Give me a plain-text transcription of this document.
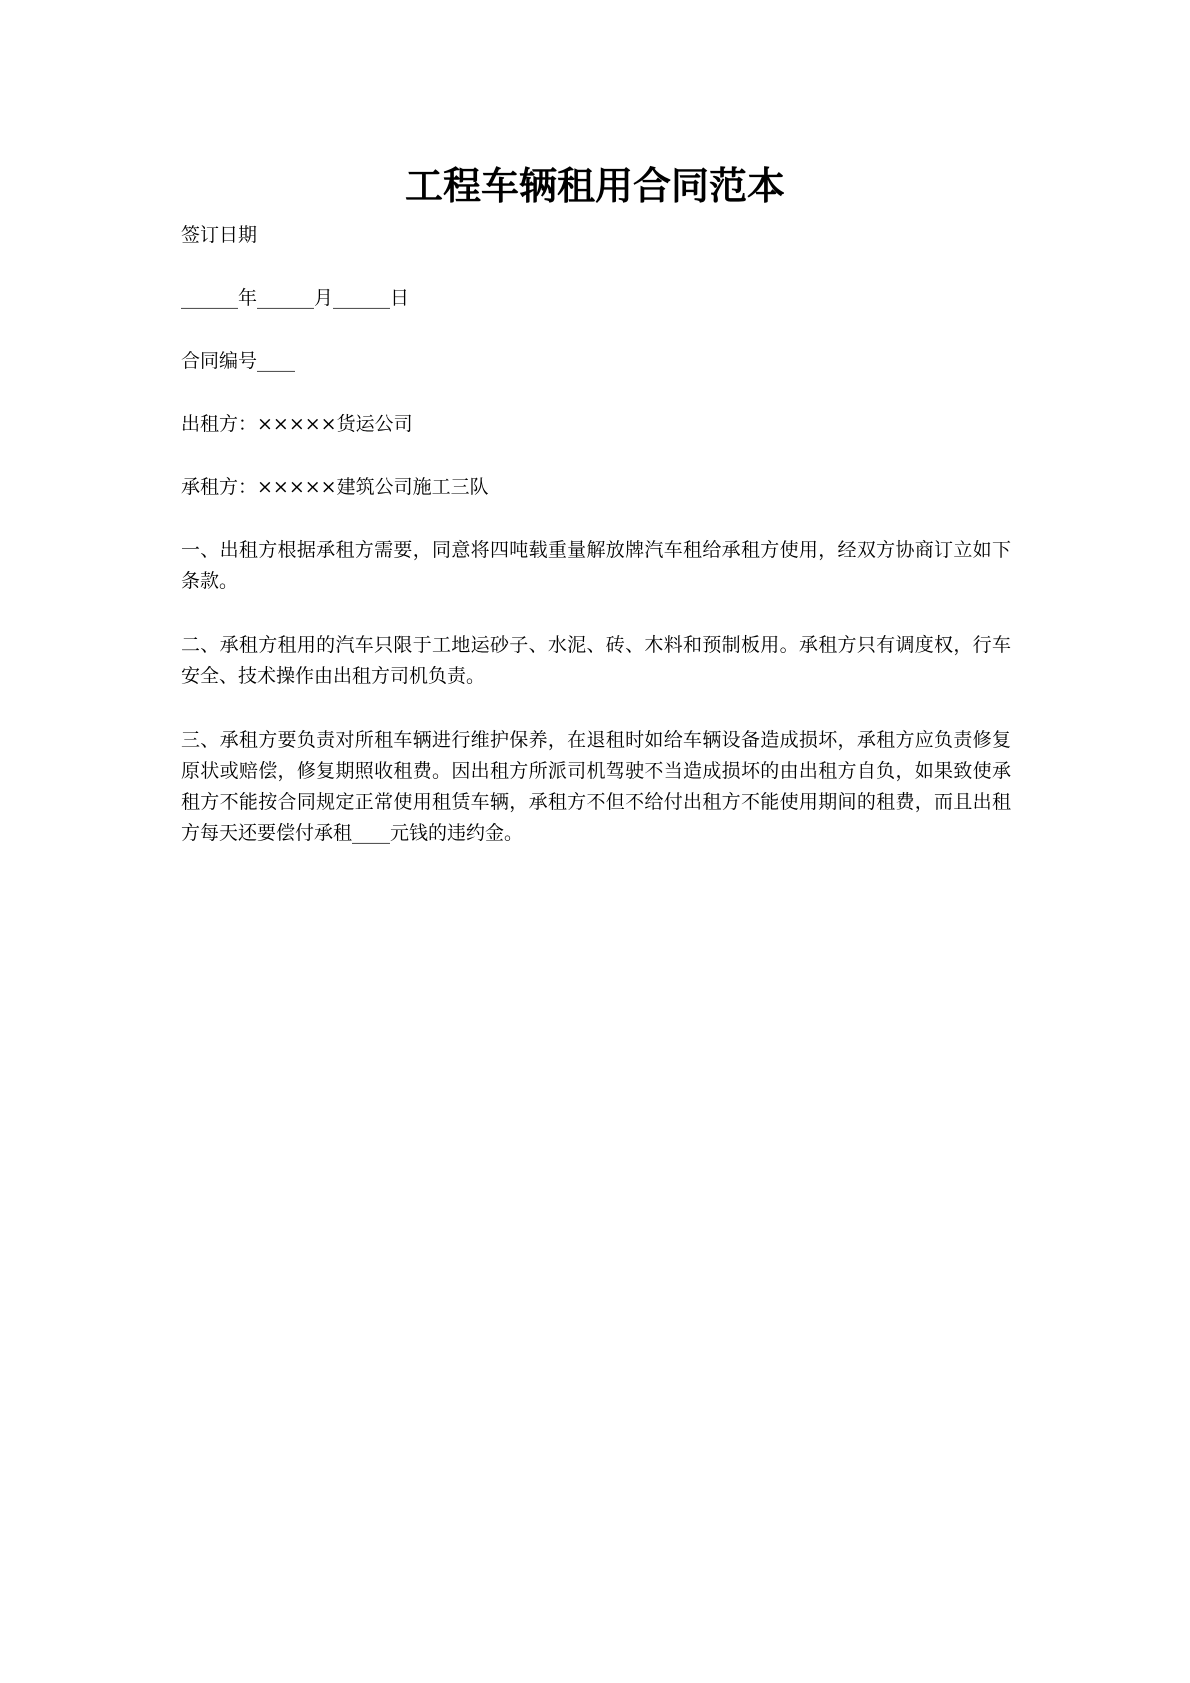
工程车辆租用合同范本
签订日期
______年______月______日
合同编号____
出租方：×××××货运公司
承租方：×××××建筑公司施工三队
一、出租方根据承租方需要，同意将四吨载重量解放牌汽车租给承租方使用，经双方协商订立如下条款。
二、承租方租用的汽车只限于工地运砂子、水泥、砖、木料和预制板用。承租方只有调度权，行车安全、技术操作由出租方司机负责。
三、承租方要负责对所租车辆进行维护保养，在退租时如给车辆设备造成损坏，承租方应负责修复原状或赔偿，修复期照收租费。因出租方所派司机驾驶不当造成损坏的由出租方自负，如果致使承租方不能按合同规定正常使用租赁车辆，承租方不但不给付出租方不能使用期间的租费，而且出租方每天还要偿付承租____元钱的违约金。
